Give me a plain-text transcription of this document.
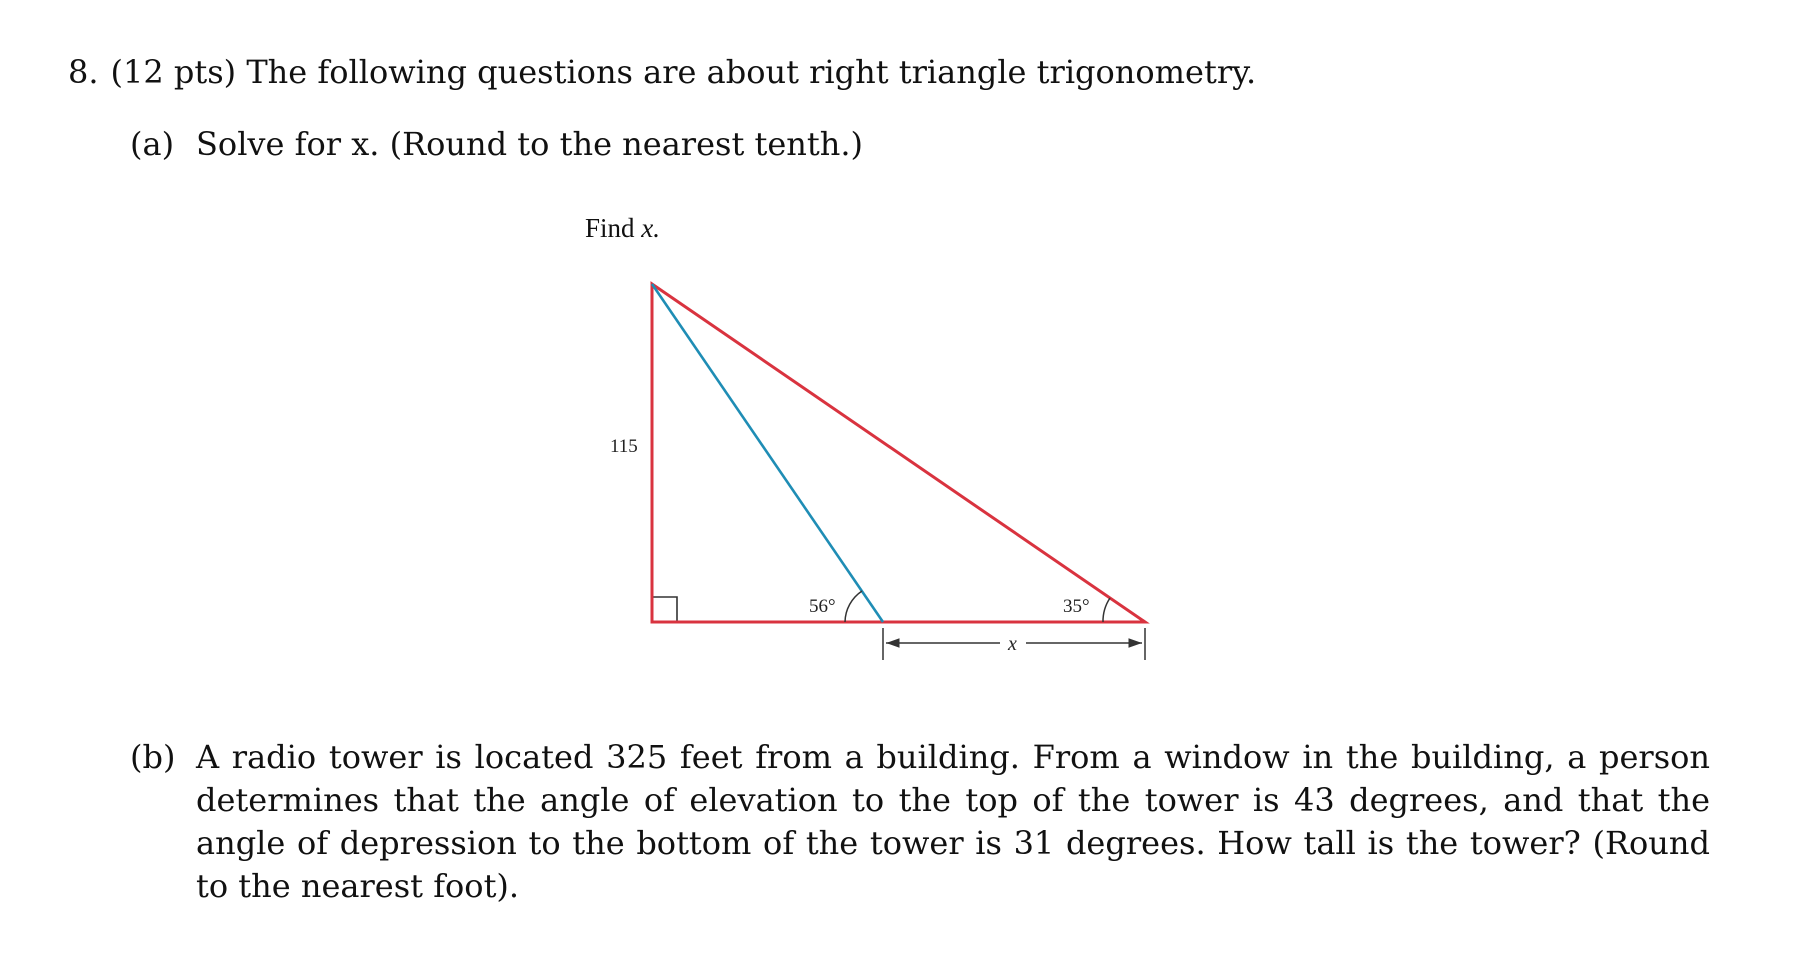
8. (12 pts) The following questions are about right triangle trigonometry.
(a) Solve for x. (Round to the nearest tenth.)
Find x.
115
56°	35°
x
(b) A radio tower is located 325 feet from a building. From a window in the building, a person determines that the angle of elevation to the top of the tower is 43 degrees, and that the angle of depression to the bottom of the tower is 31 degrees. How tall is the tower? (Round to the nearest foot).
